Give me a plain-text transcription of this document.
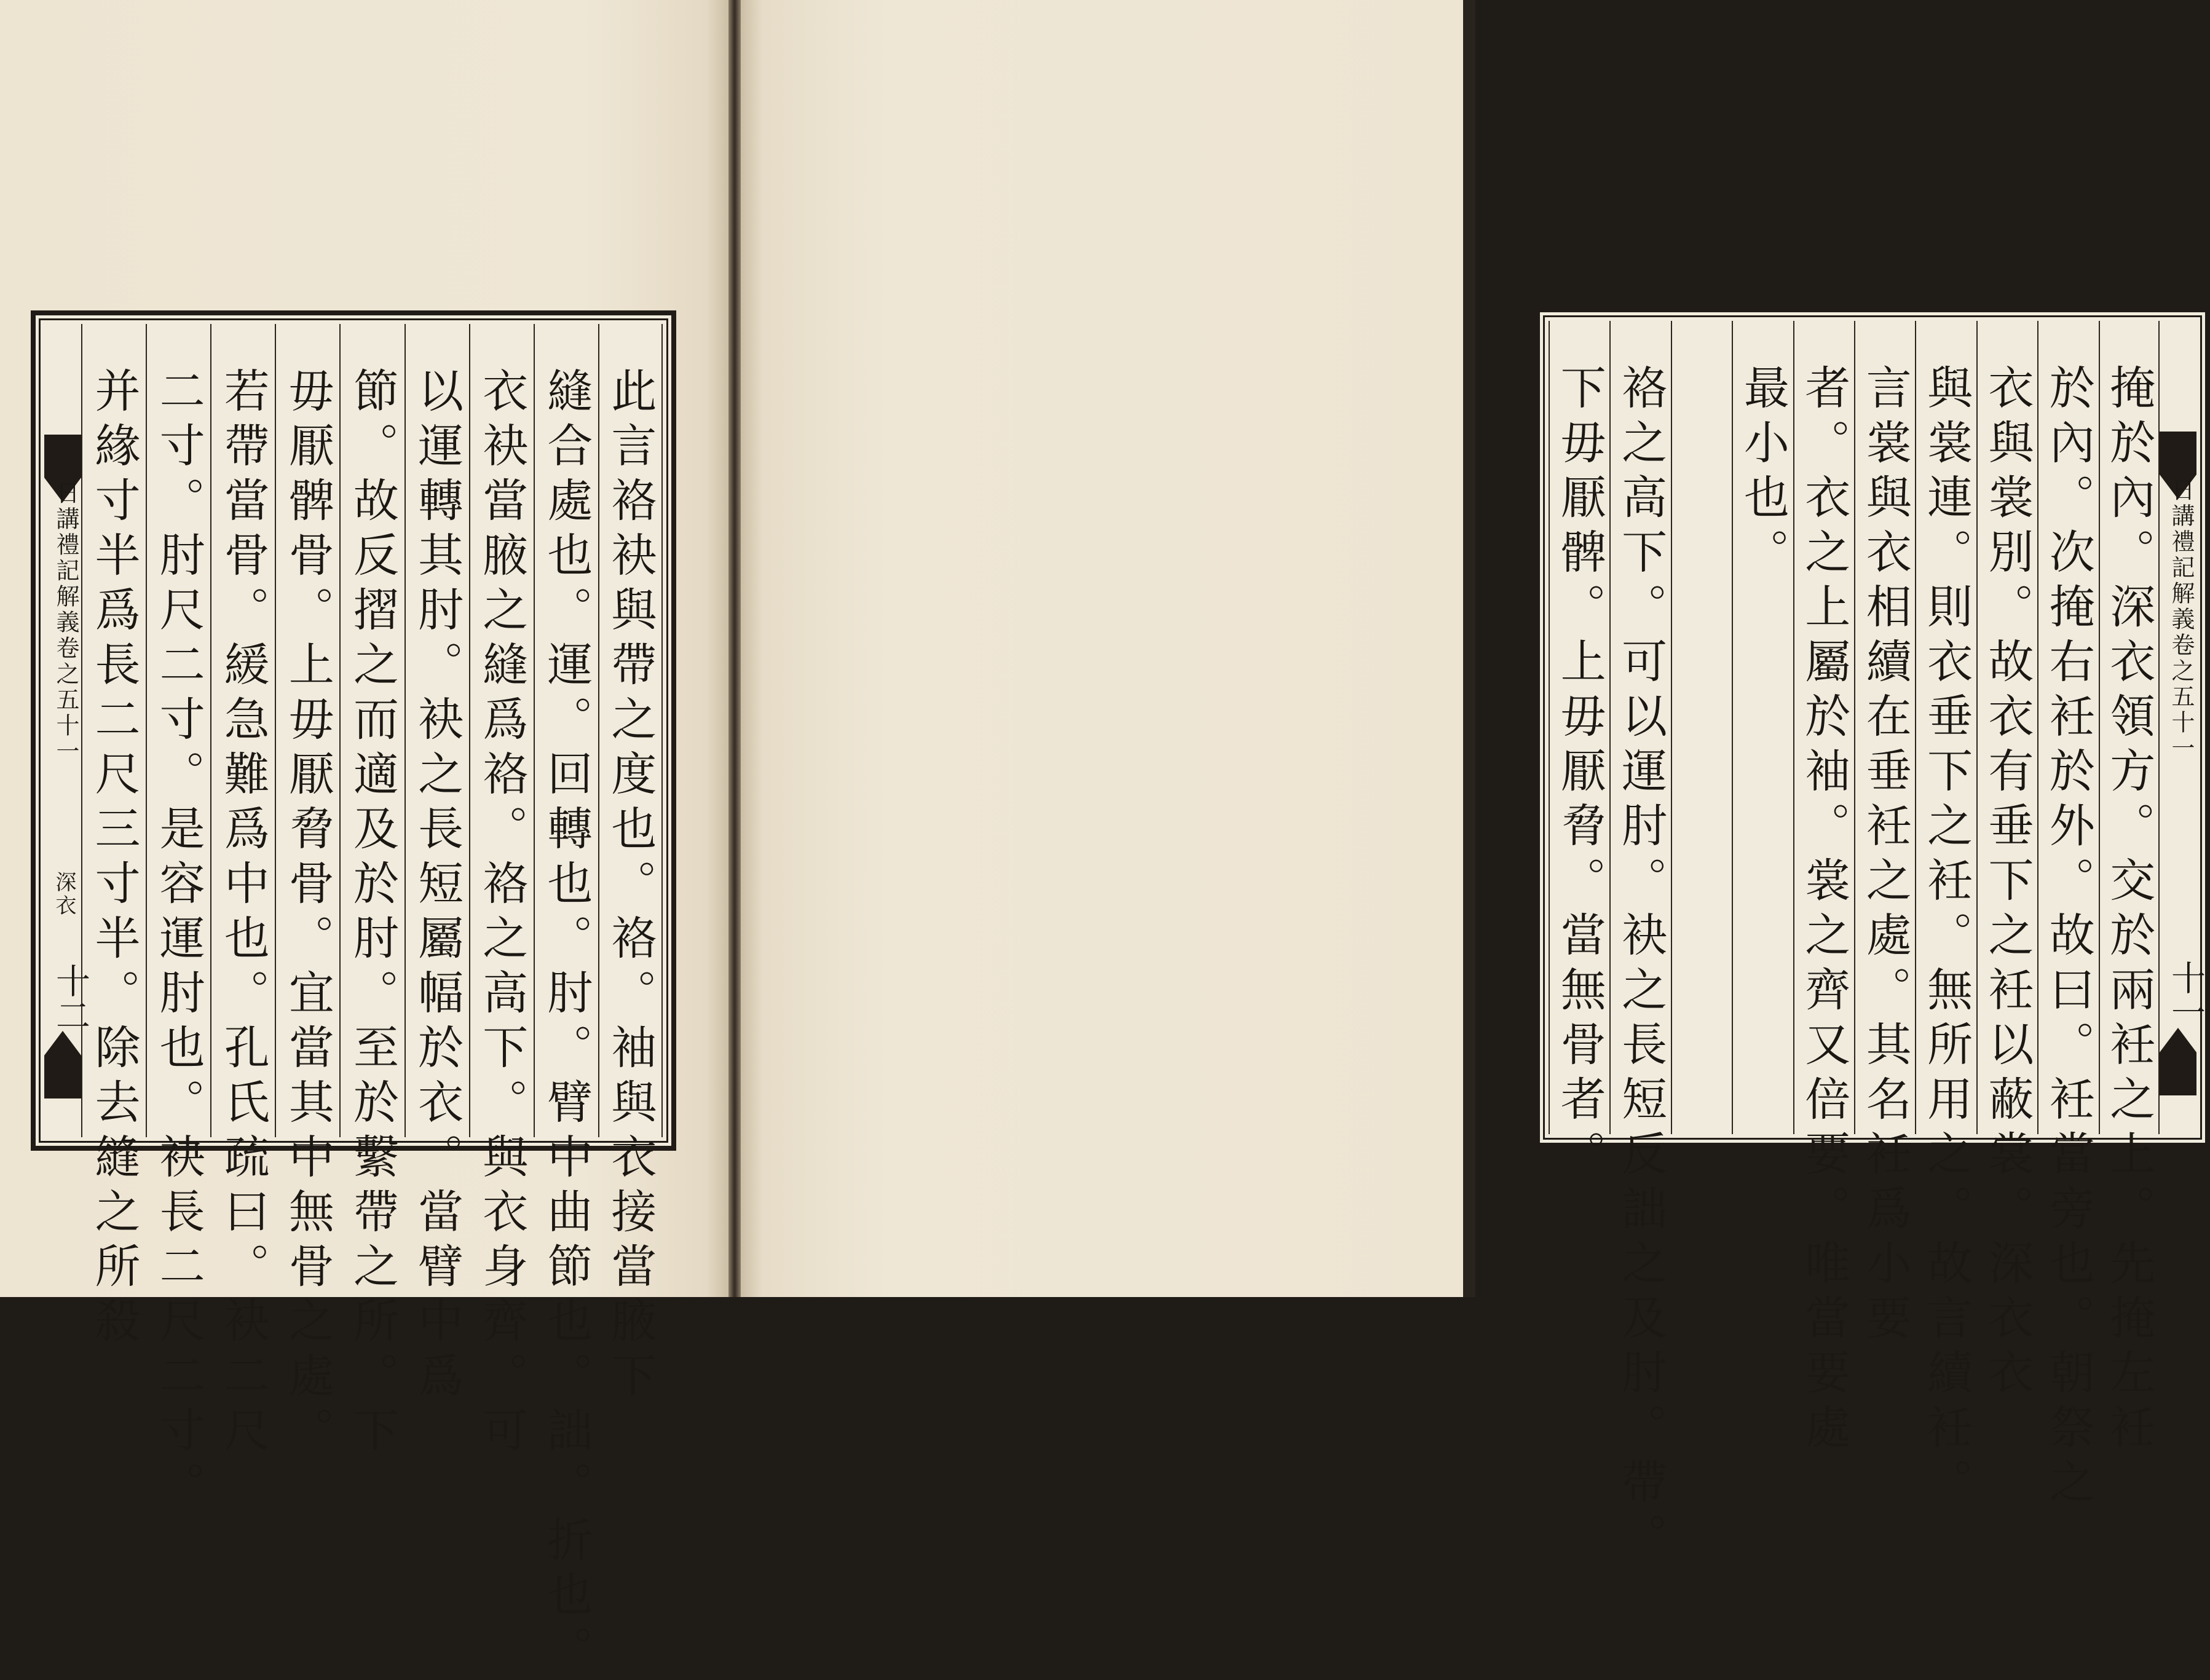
日講禮記解義卷之五十一
深衣
十二	此言袼袂與帶之度也。袼。袖與衣接當腋下
縫合處也。運。回轉也。肘。臂中曲節也。詘。折也。
衣袂當腋之縫爲袼。袼之高下。與衣身齊。可
以運轉其肘。袂之長短屬幅於衣。當臂中爲
節。故反摺之而適及於肘。至於繫帶之所。下
毋厭髀骨。上毋厭脅骨。宜當其中無骨之處。
若帶當骨。緩急難爲中也。孔氏疏曰。袂二尺
二寸。肘尺二寸。是容運肘也。袂長二尺二寸。
并緣寸半爲長二尺三寸半。除去縫之所殺	日講禮記解義卷之五十一
十一
掩於內。深衣領方。交於兩衽之上。先掩左衽
於內。次掩右衽於外。故曰。衽當旁也。朝祭之
衣與裳別。故衣有垂下之衽以蔽裳。深衣衣
與裳連。則衣垂下之衽。無所用之。故言續衽。
言裳與衣相續在垂衽之處。其名衽爲小要
者。衣之上屬於袖。裳之齊又倍要。唯當要處
最小也。
袼之高下。可以運肘。袂之長短反詘之及肘。帶。
下毋厭髀。上毋厭脅。當無骨者。
